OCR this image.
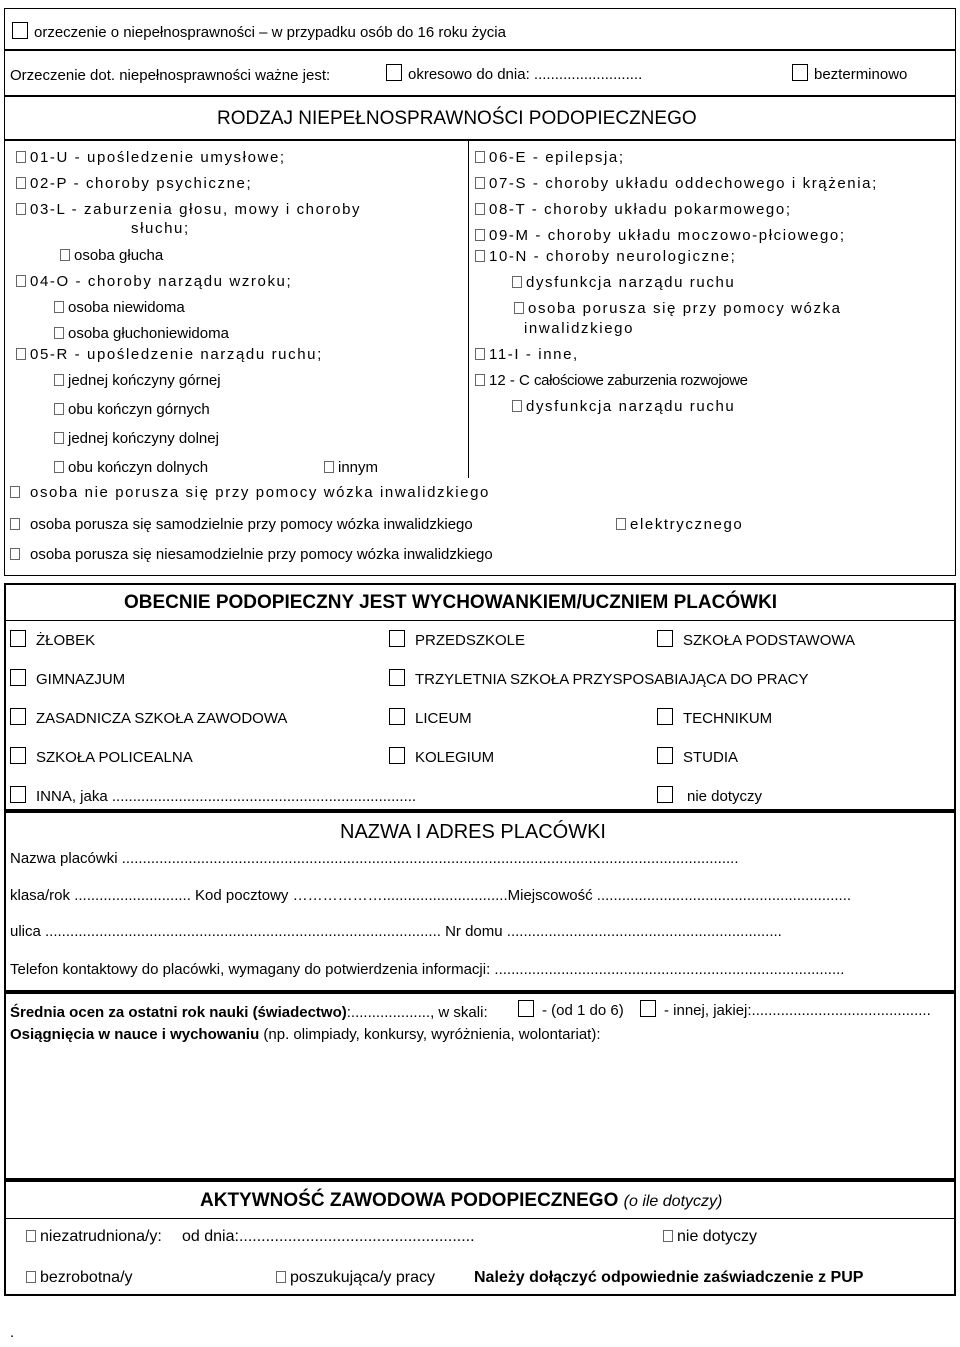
orzeczenie o niepełnosprawności – w przypadku osób do 16 roku życia
Orzeczenie dot. niepełnosprawności ważne jest:	okresowo do dnia: ..........................	bezterminowo
RODZAJ NIEPEŁNOSPRAWNOŚCI PODOPIECZNEGO
01-U - upośledzenie umysłowe;
02-P - choroby psychiczne;
03-L - zaburzenia głosu, mowy i choroby
słuchu;
osoba głucha
04-O - choroby narządu wzroku;
osoba niewidoma
osoba głuchoniewidoma
05-R - upośledzenie narządu ruchu;
jednej kończyny górnej
obu kończyn górnych
jednej kończyny dolnej
obu kończyn dolnych	innym
06-E - epilepsja;
07-S - choroby układu oddechowego i krążenia;
08-T - choroby układu pokarmowego;
09-M - choroby układu moczowo-płciowego;
10-N - choroby neurologiczne;
dysfunkcja narządu ruchu
osoba porusza się przy pomocy wózka
inwalidzkiego
11-I - inne,
12 - C całościowe zaburzenia rozwojowe
dysfunkcja narządu ruchu
osoba nie porusza się przy pomocy wózka inwalidzkiego
osoba porusza się samodzielnie przy pomocy wózka inwalidzkiego	elektrycznego
osoba porusza się niesamodzielnie przy pomocy wózka inwalidzkiego
OBECNIE PODOPIECZNY JEST WYCHOWANKIEM/UCZNIEM PLACÓWKI
ŻŁOBEK	PRZEDSZKOLE	SZKOŁA PODSTAWOWA
GIMNAZJUM	TRZYLETNIA SZKOŁA PRZYSPOSABIAJĄCA DO PRACY
ZASADNICZA SZKOŁA ZAWODOWA	LICEUM	TECHNIKUM
SZKOŁA POLICEALNA	KOLEGIUM	STUDIA
INNA, jaka .........................................................................	nie dotyczy
NAZWA I ADRES PLACÓWKI
Nazwa placówki ....................................................................................................................................................
klasa/rok ............................ Kod pocztowy ………………..............................Miejscowość .............................................................
ulica ............................................................................................... Nr domu ..................................................................
Telefon kontaktowy do placówki, wymagany do potwierdzenia informacji: ....................................................................................
Średnia ocen za ostatni rok nauki (świadectwo):..................., w skali:	- (od 1 do 6)	- innej, jakiej:...........................................
Osiągnięcia w nauce i wychowaniu (np. olimpiady, konkursy, wyróżnienia, wolontariat):
AKTYWNOŚĆ ZAWODOWA PODOPIECZNEGO (o ile dotyczy)
niezatrudniona/y: od dnia:.....................................................	nie dotyczy
bezrobotna/y	poszukująca/y pracy Należy dołączyć odpowiednie zaświadczenie z PUP
.
